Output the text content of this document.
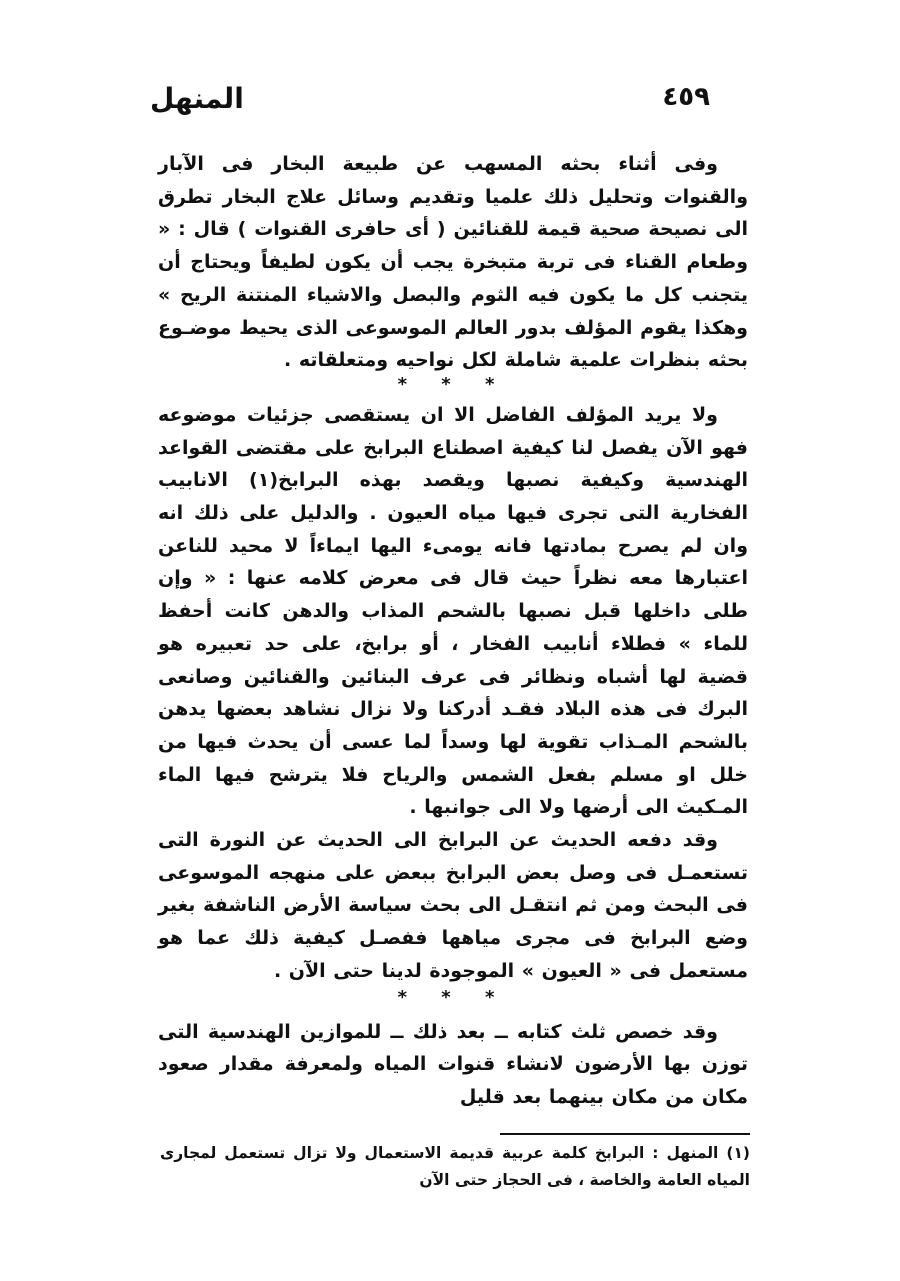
٤٥٩
المنهل

وفى أثناء بحثه المسهب عن طبيعة البخار فى الآبار والقنوات وتحليل ذلك علميا وتقديم وسائل علاج البخار تطرق الى نصيحة صحية قيمة للقنائين ( أى حافرى القنوات ) قال : « وطعام القناء فى تربة متبخرة يجب أن يكون لطيفاً ويحتاج أن يتجنب كل ما يكون فيه الثوم والبصل والاشياء المنتنة الريح » وهكذا يقوم المؤلف بدور العالم الموسوعى الذى يحيط موضـوع بحثه بنظرات علمية شاملة لكل نواحيه ومتعلقاته .

* * *

ولا يريد المؤلف الفاضل الا ان يستقصى جزئيات موضوعه فهو الآن يفصل لنا كيفية اصطناع البرابخ على مقتضى القواعد الهندسية وكيفية نصبها ويقصد بهذه البرابخ(١) الانابيب الفخارية التى تجرى فيها مياه العيون . والدليل على ذلك انه وان لم يصرح بمادتها فانه يومىء اليها ايماءاً لا محيد للناعن اعتبارها معه نظراً حيث قال فى معرض كلامه عنها : « وإن طلى داخلها قبل نصبها بالشحم المذاب والدهن كانت أحفظ للماء » فطلاء أنابيب الفخار ، أو برابخ، على حد تعبيره هو قضية لها أشباه ونظائر فى عرف البنائين والقنائين وصانعى البرك فى هذه البلاد فقـد أدركنا ولا نزال نشاهد بعضها يدهن بالشحم المـذاب تقوية لها وسداً لما عسى أن يحدث فيها من خلل او مسلم بفعل الشمس والرياح فلا يترشح فيها الماء المـكيث الى أرضها ولا الى جوانبها .

وقد دفعه الحديث عن البرابخ الى الحديث عن النورة التى تستعمـل فى وصل بعض البرابخ ببعض على منهجه الموسوعى فى البحث ومن ثم انتقـل الى بحث سياسة الأرض الناشفة بغير وضع البرابخ فى مجرى مياهها ففصـل كيفية ذلك عما هو مستعمل فى « العيون » الموجودة لدينا حتى الآن .

* * *

وقد خصص ثلث كتابه ــ بعد ذلك ــ للموازين الهندسية التى توزن بها الأرضون لانشاء قنوات المياه ولمعرفة مقدار صعود مكان من مكان بينهما بعد قليل

(١) المنهل : البرابخ كلمة عربية قديمة الاستعمال ولا تزال تستعمل لمجارى المياه العامة والخاصة ، فى الحجاز حتى الآن
